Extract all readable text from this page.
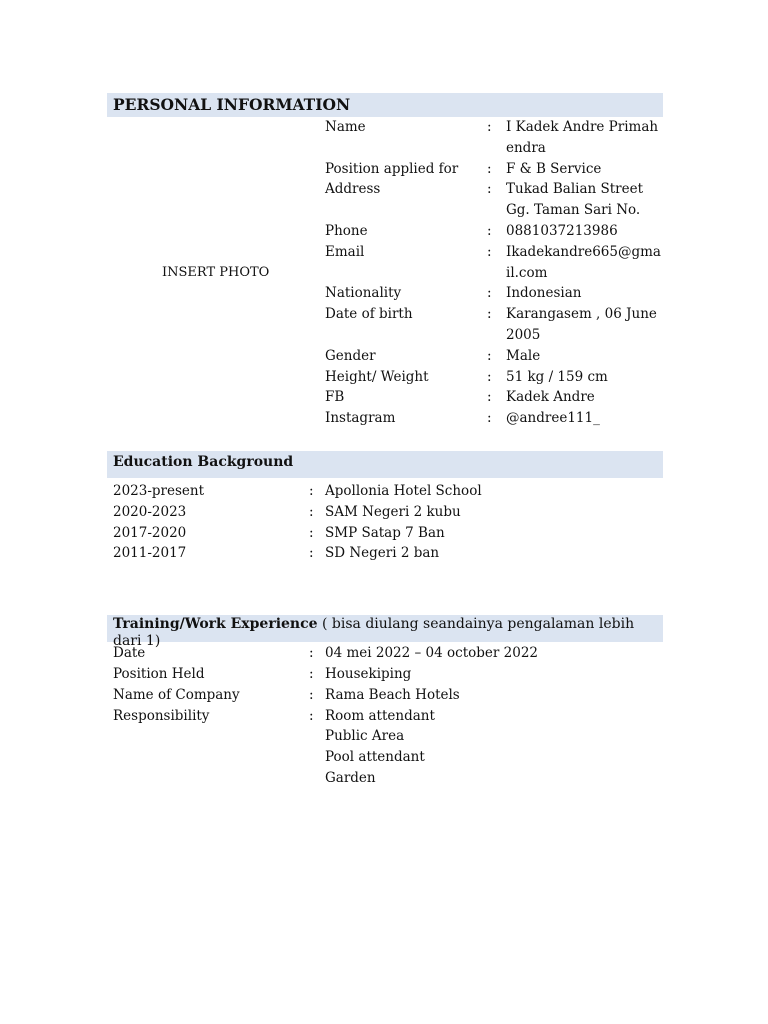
PERSONAL INFORMATION
INSERT PHOTO
Name	:	I Kadek Andre Primahendra
Position applied for	:	F & B Service
Address	:	Tukad Balian Street Gg. Taman Sari No.
Phone	:	0881037213986
Email	:	Ikadekandre665@gmail.com
Nationality	:	Indonesian
Date of birth	:	Karangasem , 06 June 2005
Gender	:	Male
Height/ Weight	:	51 kg / 159 cm
FB	:	Kadek Andre
Instagram	:	@andree111_
Education Background
2023-present	: Apollonia Hotel School
2020-2023	: SAM Negeri 2 kubu
2017-2020	: SMP Satap 7 Ban
2011-2017	: SD Negeri 2 ban
Training/Work Experience ( bisa diulang seandainya pengalaman lebih dari 1)
Date	: 04 mei 2022 – 04 october 2022
Position Held	: Housekiping
Name of Company	: Rama Beach Hotels
Responsibility	: Room attendant
Public Area
Pool attendant
Garden
